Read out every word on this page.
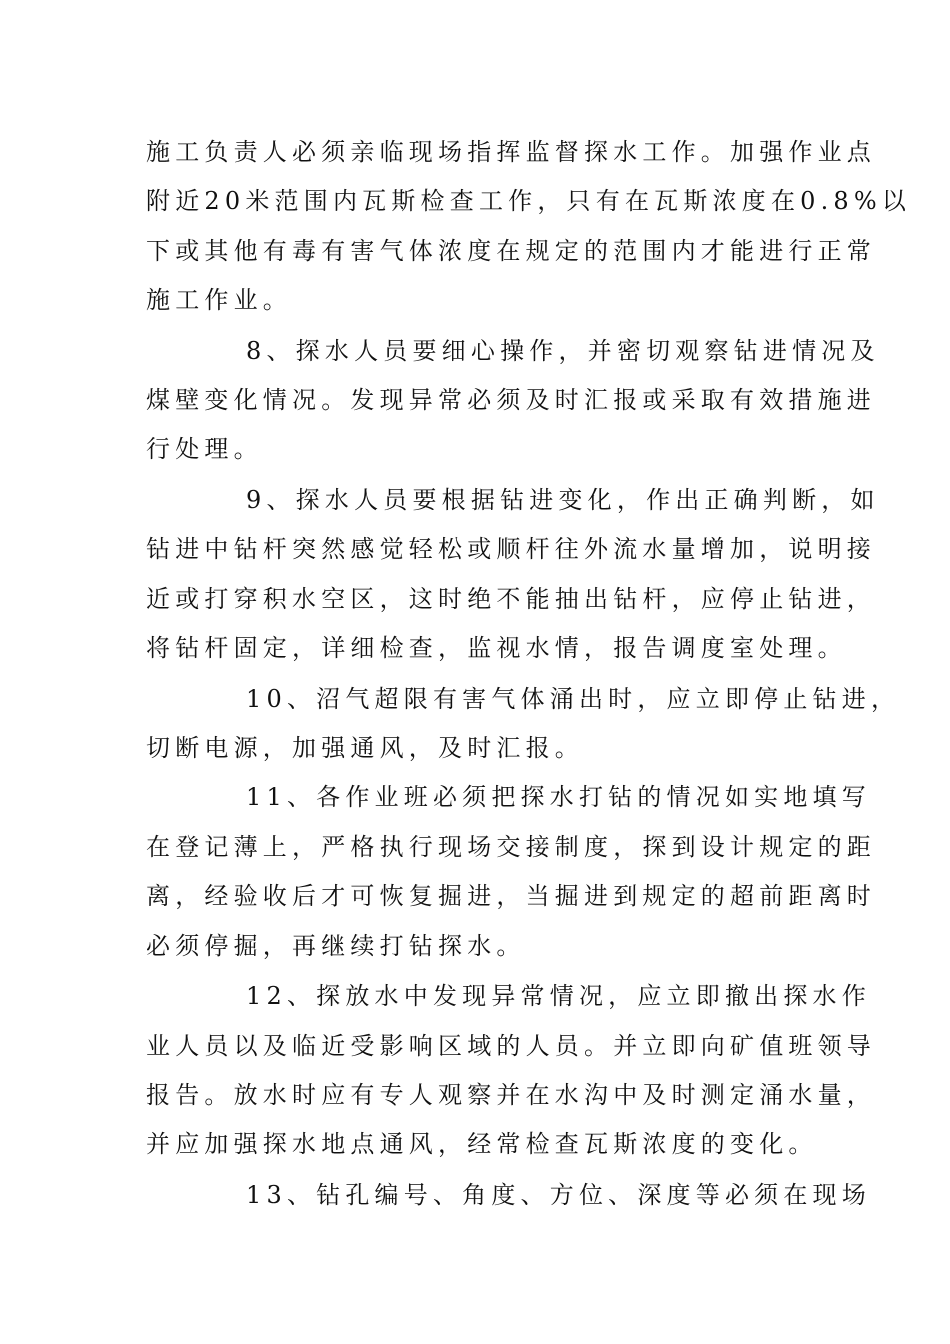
施工负责人必须亲临现场指挥监督探水工作。加强作业点
附近20米范围内瓦斯检查工作，只有在瓦斯浓度在0.8%以
下或其他有毒有害气体浓度在规定的范围内才能进行正常
施工作业。
8、探水人员要细心操作，并密切观察钻进情况及
煤壁变化情况。发现异常必须及时汇报或采取有效措施进
行处理。
9、探水人员要根据钻进变化，作出正确判断，如
钻进中钻杆突然感觉轻松或顺杆往外流水量增加，说明接
近或打穿积水空区，这时绝不能抽出钻杆，应停止钻进，
将钻杆固定，详细检查，监视水情，报告调度室处理。
10、沼气超限有害气体涌出时，应立即停止钻进，
切断电源，加强通风，及时汇报。
11、各作业班必须把探水打钻的情况如实地填写
在登记薄上，严格执行现场交接制度，探到设计规定的距
离，经验收后才可恢复掘进，当掘进到规定的超前距离时
必须停掘，再继续打钻探水。
12、探放水中发现异常情况，应立即撤出探水作
业人员以及临近受影响区域的人员。并立即向矿值班领导
报告。放水时应有专人观察并在水沟中及时测定涌水量，
并应加强探水地点通风，经常检查瓦斯浓度的变化。
13、钻孔编号、角度、方位、深度等必须在现场
